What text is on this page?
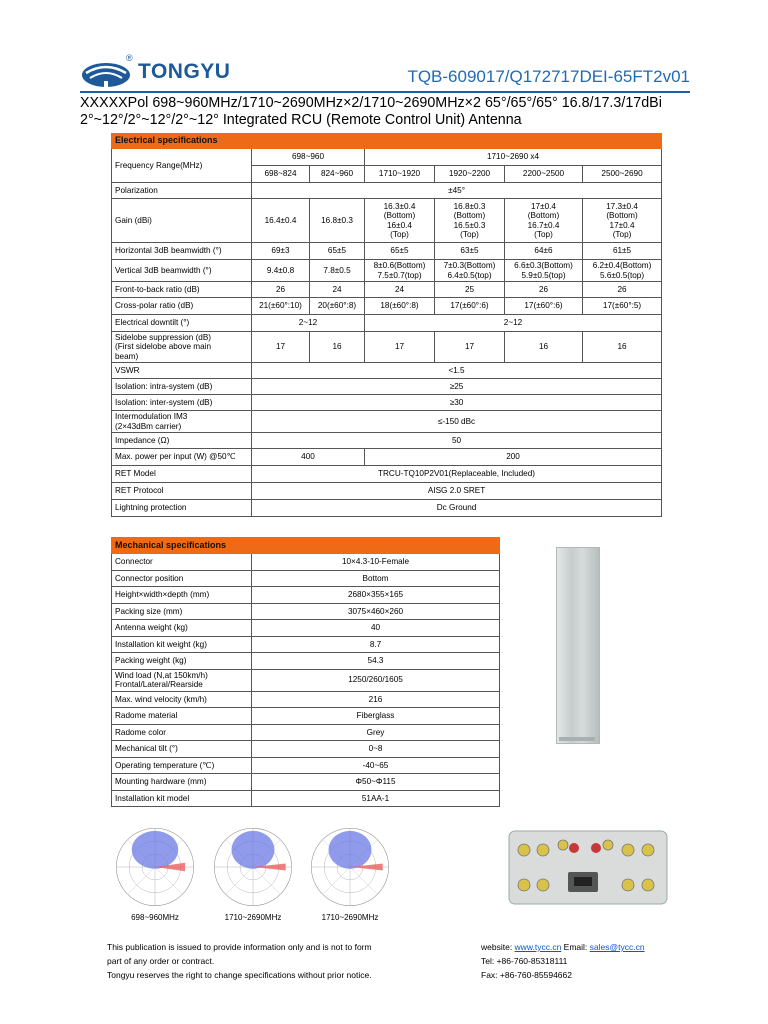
®
TONGYU	TQB-609017/Q172717DEI-65FT2v01
XXXXXPol 698~960MHz/1710~2690MHz×2/1710~2690MHz×2 65°/65°/65° 16.8/17.3/17dBi
2°~12°/2°~12°/2°~12° Integrated RCU (Remote Control Unit) Antenna
Electrical specifications						
Frequency Range(MHz)	698~960		1710~2690 x4			
	698~824	824~960	1710~1920	1920~2200	2200~2500	2500~2690
Polarization	±45°					
Gain (dBi)	16.4±0.4	16.8±0.3	16.3±0.4
(Bottom)
16±0.4
(Top)	16.8±0.3
(Bottom)
16.5±0.3
(Top)	17±0.4
(Bottom)
16.7±0.4
(Top)	17.3±0.4
(Bottom)
17±0.4
(Top)
Horizontal 3dB beamwidth (°)	69±3	65±5	65±5	63±5	64±6	61±5
Vertical 3dB beamwidth (°)	9.4±0.8	7.8±0.5	8±0.6(Bottom)
7.5±0.7(top)	7±0.3(Bottom)
6.4±0.5(top)	6.6±0.3(Bottom)
5.9±0.5(top)	6.2±0.4(Bottom)
5.6±0.5(top)
Front-to-back ratio (dB)	26	24	24	25	26	26
Cross-polar ratio (dB)	21(±60°:10)	20(±60°:8)	18(±60°:8)	17(±60°:6)	17(±60°:6)	17(±60°:5)
Electrical downtilt (°)	2~12		2~12			
Sidelobe suppression (dB)
(First sidelobe above main
beam)	17	16	17	17	16	16
VSWR	<1.5					
Isolation: intra-system (dB)	≥25					
Isolation: inter-system (dB)	≥30					
Intermodulation IM3
(2×43dBm carrier)	≤-150 dBc					
Impedance (Ω)	50					
Max. power per input (W) @50℃	400		200			
RET Model	TRCU-TQ10P2V01(Replaceable, Included)					
RET Protocol	AISG 2.0 SRET					
Lightning protection	Dc Ground					
Mechanical specifications	
Connector	10×4.3-10-Female
Connector position	Bottom
Height×width×depth (mm)	2680×355×165
Packing size (mm)	3075×460×260
Antenna weight (kg)	40
Installation kit weight (kg)	8.7
Packing weight (kg)	54.3
Wind load (N,at 150km/h)
Frontal/Lateral/Rearside	1250/260/1605
Max. wind velocity (km/h)	216
Radome material	Fiberglass
Radome color	Grey
Mechanical tilt (°)	0~8
Operating temperature (℃)	-40~65
Mounting hardware (mm)	Φ50~Φ115
Installation kit model	51AA-1
698~960MHz	1710~2690MHz	1710~2690MHz
This publication is issued to provide information only and is not to form
part of any order or contract.
Tongyu reserves the right to change specifications without prior notice.
website: www.tycc.cn Email: sales@tycc.cn
Tel: +86-760-85318111
Fax: +86-760-85594662
